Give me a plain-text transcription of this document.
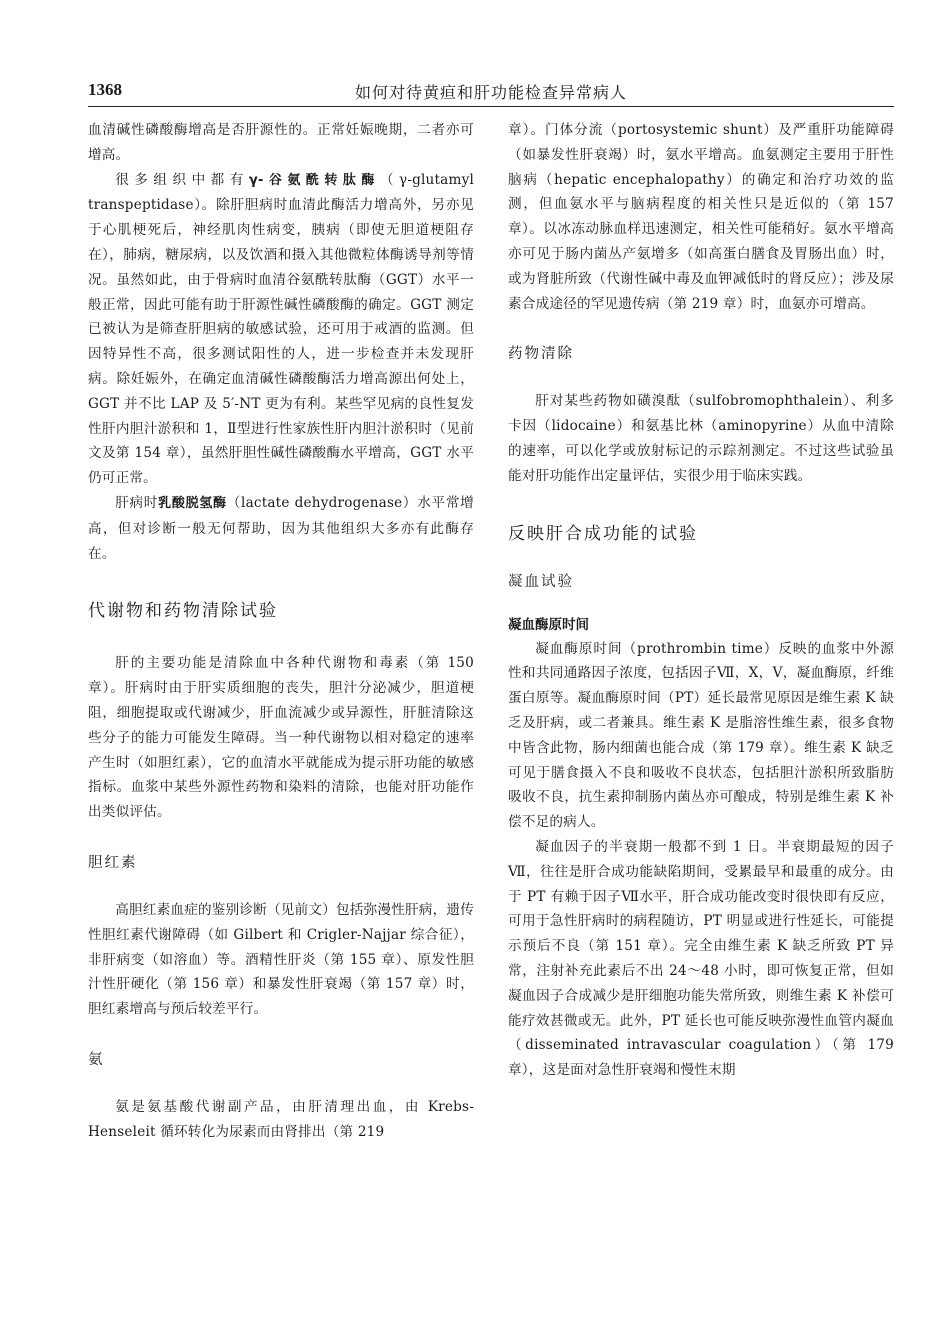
1368	如何对待黄疸和肝功能检查异常病人

血清碱性磷酸酶增高是否肝源性的。正常妊娠晚期，二者亦可增高。

很多组织中都有γ-谷氨酰转肽酶（γ-glutamyl transpeptidase）。除肝胆病时血清此酶活力增高外，另亦见于心肌梗死后，神经肌肉性病变，胰病（即使无胆道梗阻存在），肺病，糖尿病，以及饮酒和摄入其他微粒体酶诱导剂等情况。虽然如此，由于骨病时血清谷氨酰转肽酶（GGT）水平一般正常，因此可能有助于肝源性碱性磷酸酶的确定。GGT 测定已被认为是筛查肝胆病的敏感试验，还可用于戒酒的监测。但因特异性不高，很多测试阳性的人，进一步检查并未发现肝病。除妊娠外，在确定血清碱性磷酸酶活力增高源出何处上，GGT 并不比 LAP 及 5′-NT 更为有利。某些罕见病的良性复发性肝内胆汁淤积和 1，Ⅱ型进行性家族性肝内胆汁淤积时（见前文及第 154 章），虽然肝胆性碱性磷酸酶水平增高，GGT 水平仍可正常。

肝病时乳酸脱氢酶（lactate dehydrogenase）水平常增高，但对诊断一般无何帮助，因为其他组织大多亦有此酶存在。

代谢物和药物清除试验

肝的主要功能是清除血中各种代谢物和毒素（第 150 章）。肝病时由于肝实质细胞的丧失，胆汁分泌减少，胆道梗阻，细胞提取或代谢减少，肝血流减少或异源性，肝脏清除这些分子的能力可能发生障碍。当一种代谢物以相对稳定的速率产生时（如胆红素），它的血清水平就能成为提示肝功能的敏感指标。血浆中某些外源性药物和染料的清除，也能对肝功能作出类似评估。

胆红素

高胆红素血症的鉴别诊断（见前文）包括弥漫性肝病，遗传性胆红素代谢障碍（如 Gilbert 和 Crigler-Najjar 综合征），非肝病变（如溶血）等。酒精性肝炎（第 155 章）、原发性胆汁性肝硬化（第 156 章）和暴发性肝衰竭（第 157 章）时，胆红素增高与预后较差平行。

氨

氨是氨基酸代谢副产品，由肝清理出血，由 Krebs-Henseleit 循环转化为尿素而由肾排出（第 219

章）。门体分流（portosystemic shunt）及严重肝功能障碍（如暴发性肝衰竭）时，氨水平增高。血氨测定主要用于肝性脑病（hepatic encephalopathy）的确定和治疗功效的监测，但血氨水平与脑病程度的相关性只是近似的（第 157 章）。以冰冻动脉血样迅速测定，相关性可能稍好。氨水平增高亦可见于肠内菌丛产氨增多（如高蛋白膳食及胃肠出血）时，或为肾脏所致（代谢性碱中毒及血钾减低时的肾反应）；涉及尿素合成途径的罕见遗传病（第 219 章）时，血氨亦可增高。

药物清除

肝对某些药物如磺溴酞（sulfobromophthalein）、利多卡因（lidocaine）和氨基比林（aminopyrine）从血中清除的速率，可以化学或放射标记的示踪剂测定。不过这些试验虽能对肝功能作出定量评估，实很少用于临床实践。

反映肝合成功能的试验
凝血试验
凝血酶原时间

凝血酶原时间（prothrombin time）反映的血浆中外源性和共同通路因子浓度，包括因子Ⅶ，Ⅹ，Ⅴ，凝血酶原，纤维蛋白原等。凝血酶原时间（PT）延长最常见原因是维生素 K 缺乏及肝病，或二者兼具。维生素 K 是脂溶性维生素，很多食物中皆含此物，肠内细菌也能合成（第 179 章）。维生素 K 缺乏可见于膳食摄入不良和吸收不良状态，包括胆汁淤积所致脂肪吸收不良，抗生素抑制肠内菌丛亦可酿成，特别是维生素 K 补偿不足的病人。

凝血因子的半衰期一般都不到 1 日。半衰期最短的因子Ⅶ，往往是肝合成功能缺陷期间，受累最早和最重的成分。由于 PT 有赖于因子Ⅶ水平，肝合成功能改变时很快即有反应，可用于急性肝病时的病程随访，PT 明显或进行性延长，可能提示预后不良（第 151 章）。完全由维生素 K 缺乏所致 PT 异常，注射补充此素后不出 24～48 小时，即可恢复正常，但如凝血因子合成减少是肝细胞功能失常所致，则维生素 K 补偿可能疗效甚微或无。此外，PT 延长也可能反映弥漫性血管内凝血（disseminated intravascular coagulation）（第 179 章），这是面对急性肝衰竭和慢性末期
